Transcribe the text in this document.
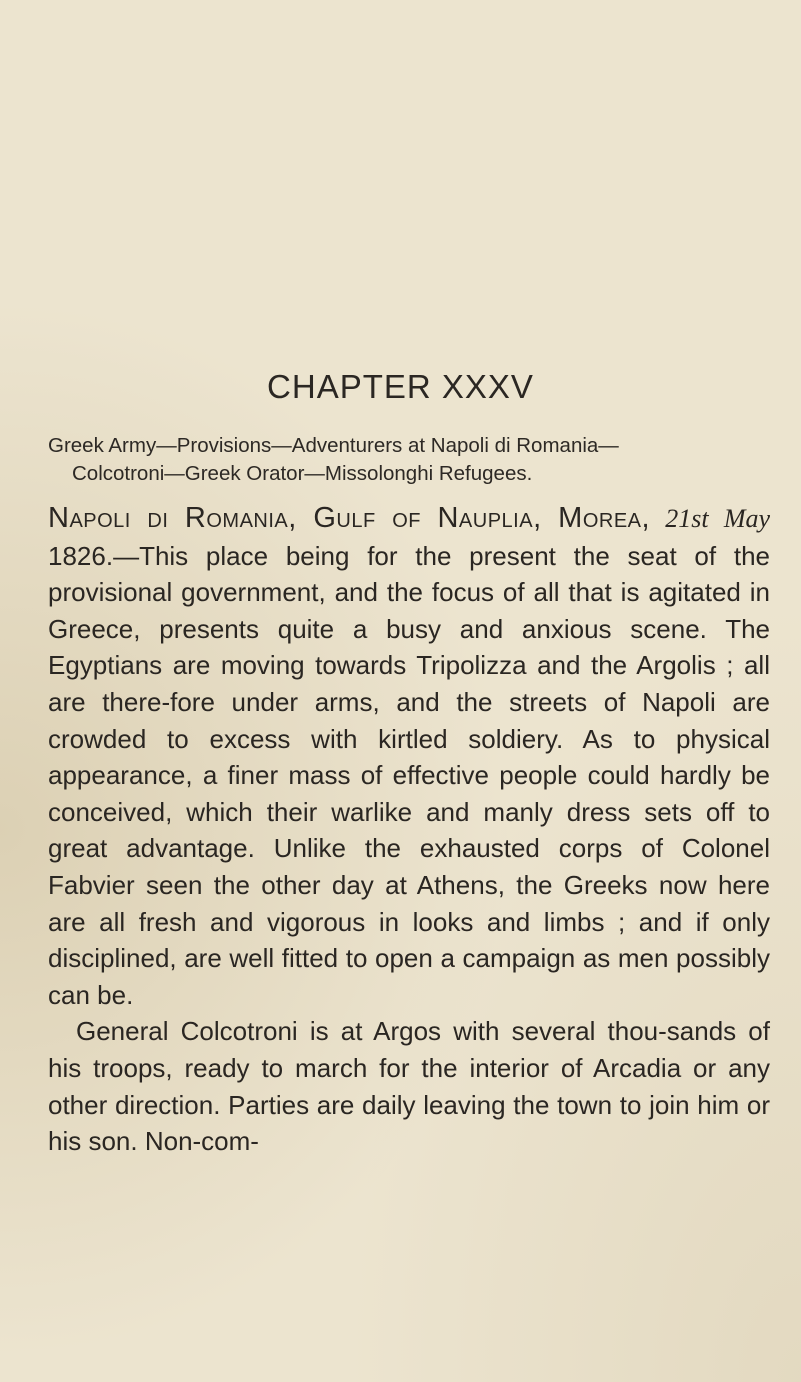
CHAPTER XXXV
Greek Army—Provisions—Adventurers at Napoli di Romania—
Colcotroni—Greek Orator—Missolonghi Refugees.

Napoli di Romania, Gulf of Nauplia, Morea, 21st May 1826.—This place being for the present the seat of the provisional government, and the focus of all that is agitated in Greece, presents quite a busy and anxious scene. The Egyptians are moving towards Tripolizza and the Argolis ; all are there-fore under arms, and the streets of Napoli are crowded to excess with kirtled soldiery. As to physical appearance, a finer mass of effective people could hardly be conceived, which their warlike and manly dress sets off to great advantage. Unlike the exhausted corps of Colonel Fabvier seen the other day at Athens, the Greeks now here are all fresh and vigorous in looks and limbs ; and if only disciplined, are well fitted to open a campaign as men possibly can be.

General Colcotroni is at Argos with several thou-sands of his troops, ready to march for the interior of Arcadia or any other direction. Parties are daily leaving the town to join him or his son. Non-com-
